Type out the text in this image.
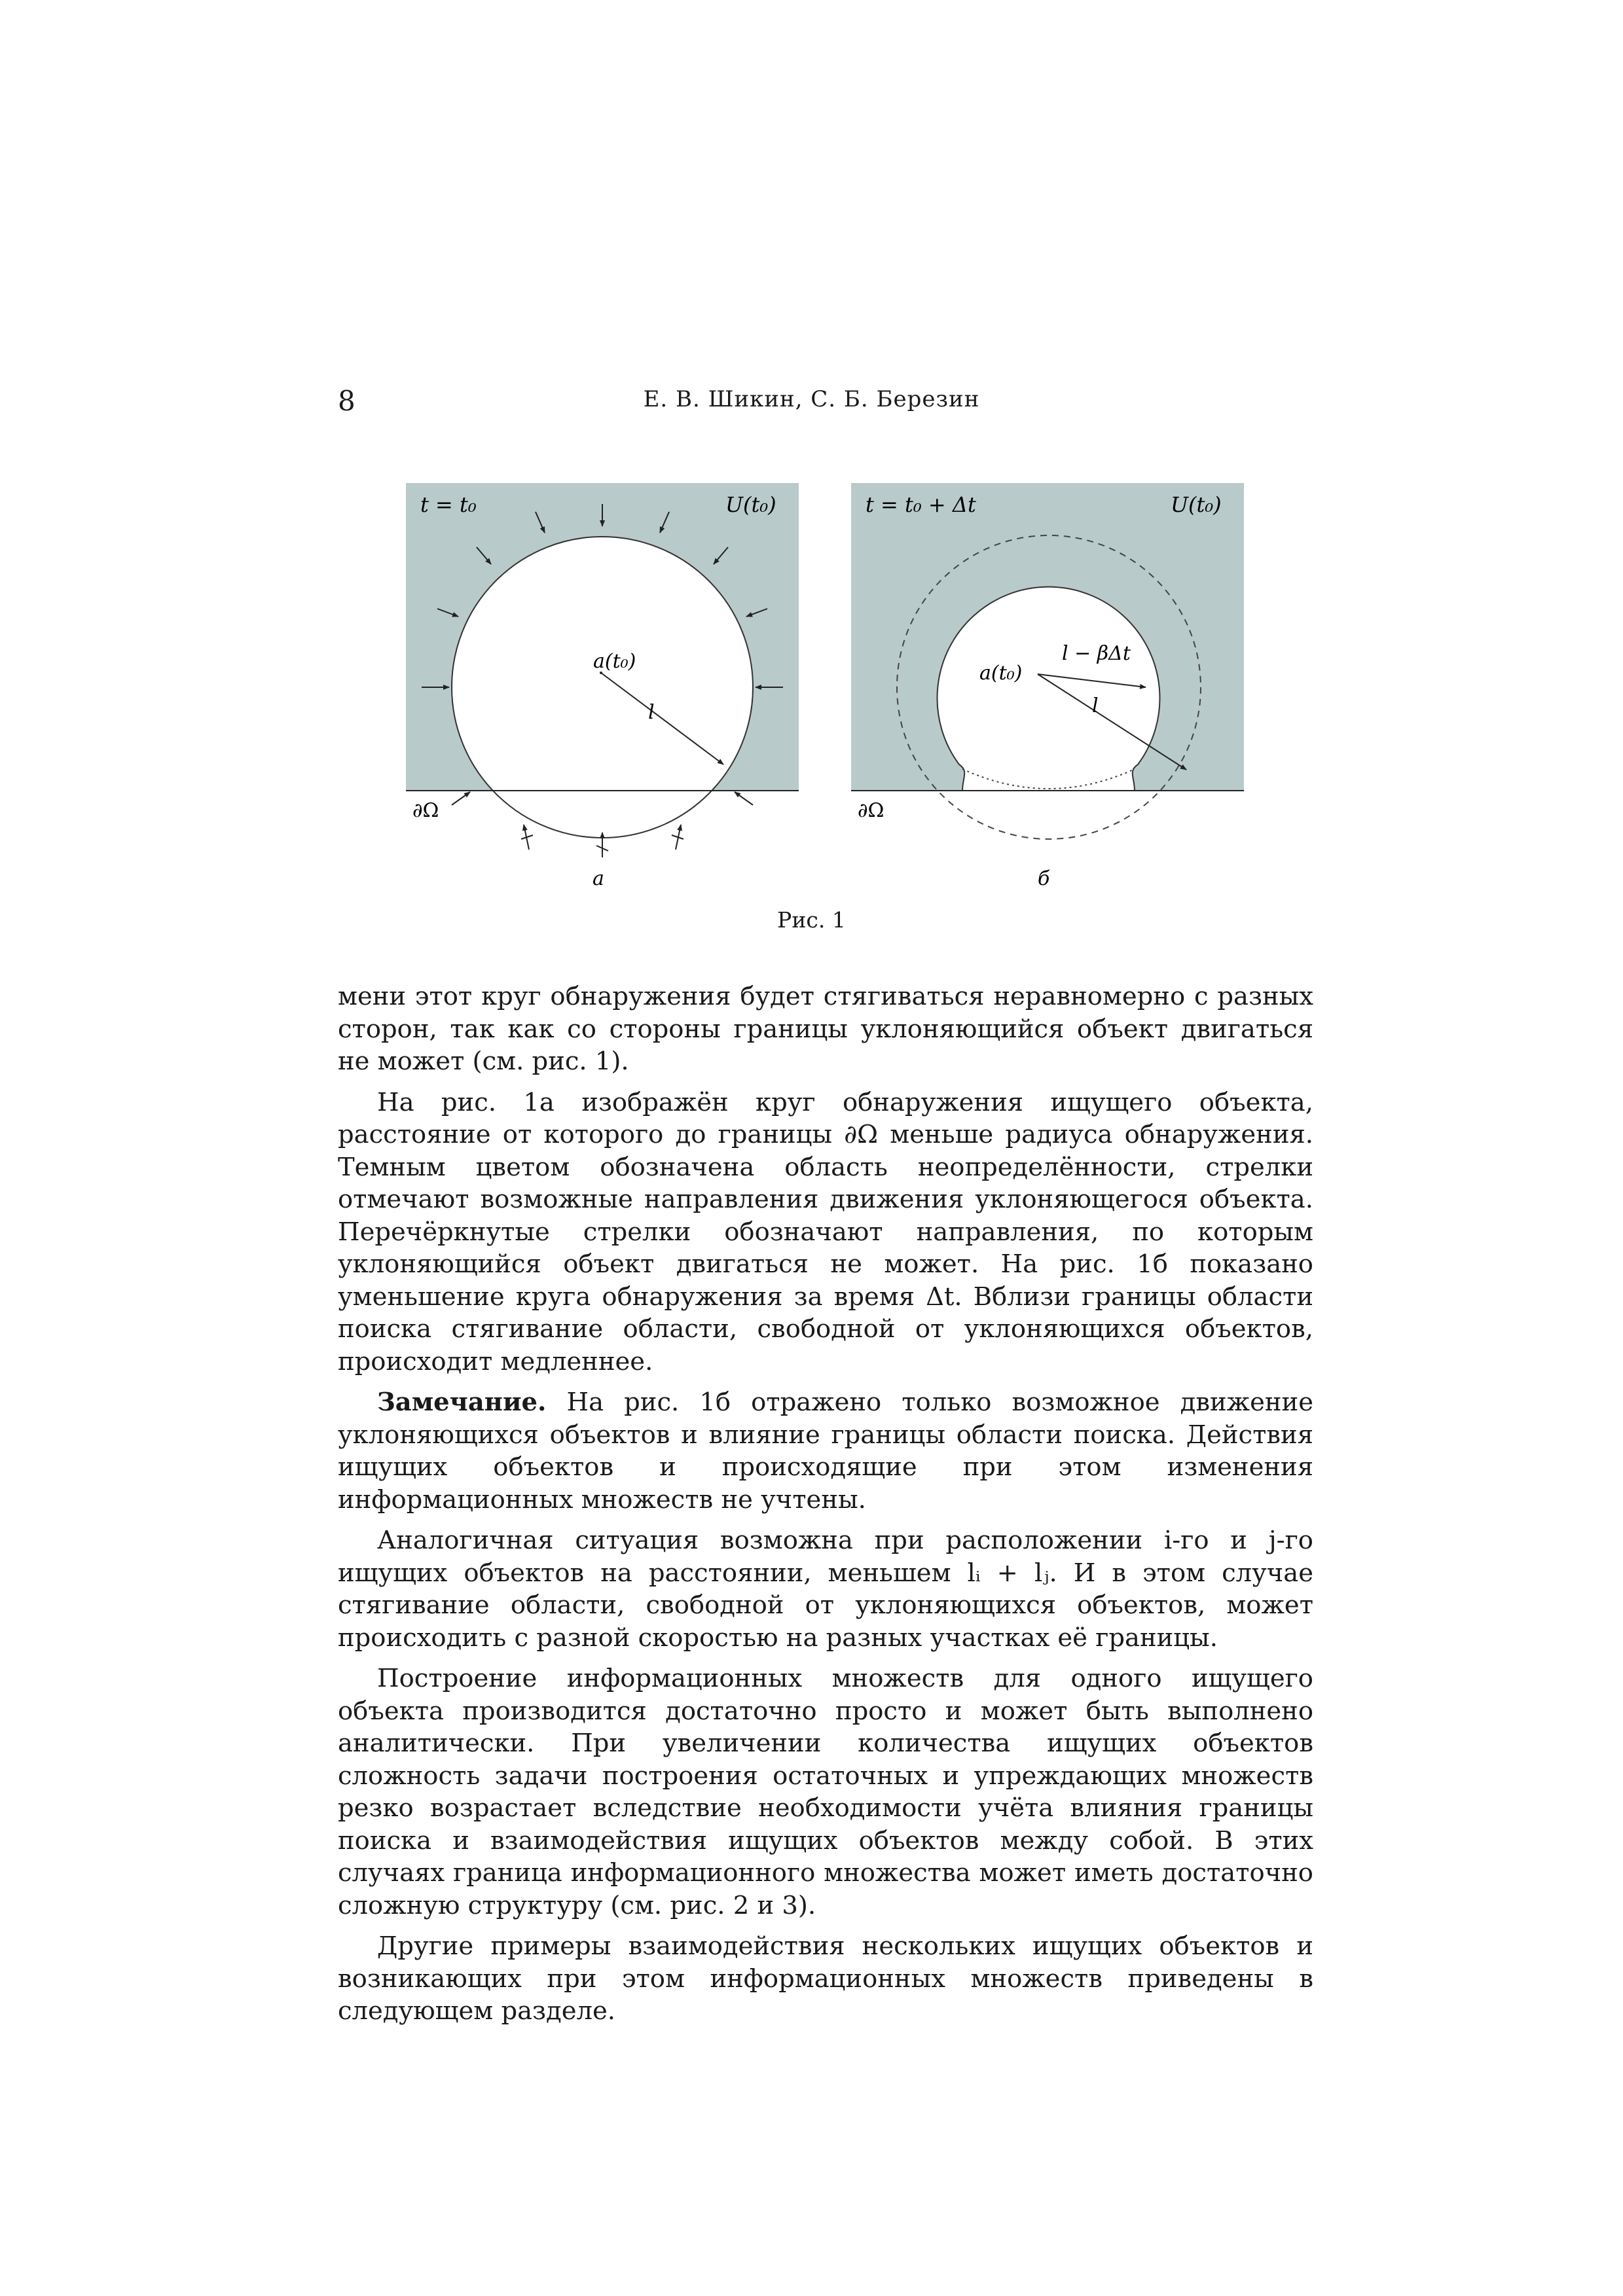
8	Е. В. Шикин, С. Б. Березин
t = t₀	U(t₀)
a(t₀)
l
∂Ω
а
t = t₀ + Δt	U(t₀)
a(t₀)
l − βΔt
l
∂Ω
б
Рис. 1

мени этот круг обнаружения будет стягиваться неравномерно с разных сторон, так как со стороны границы уклоняющийся объект двигаться не может (см. рис. 1).

На рис. 1а изображён круг обнаружения ищущего объекта, расстояние от которого до границы ∂Ω меньше радиуса обнаружения. Темным цветом обозначена область неопределённости, стрелки отмечают возможные направления движения уклоняющегося объекта. Перечёркнутые стрелки обозначают направления, по которым уклоняющийся объект двигаться не может. На рис. 1б показано уменьшение круга обнаружения за время Δt. Вблизи границы области поиска стягивание области, свободной от уклоняющихся объектов, происходит медленнее.

Замечание. На рис. 1б отражено только возможное движение уклоняющихся объектов и влияние границы области поиска. Действия ищущих объектов и происходящие при этом изменения информационных множеств не учтены.

Аналогичная ситуация возможна при расположении i-го и j-го ищущих объектов на расстоянии, меньшем lᵢ + lⱼ. И в этом случае стягивание области, свободной от уклоняющихся объектов, может происходить с разной скоростью на разных участках её границы.

Построение информационных множеств для одного ищущего объекта производится достаточно просто и может быть выполнено аналитически. При увеличении количества ищущих объектов сложность задачи построения остаточных и упреждающих множеств резко возрастает вследствие необходимости учёта влияния границы поиска и взаимодействия ищущих объектов между собой. В этих случаях граница информационного множества может иметь достаточно сложную структуру (см. рис. 2 и 3).

Другие примеры взаимодействия нескольких ищущих объектов и возникающих при этом информационных множеств приведены в следующем разделе.
